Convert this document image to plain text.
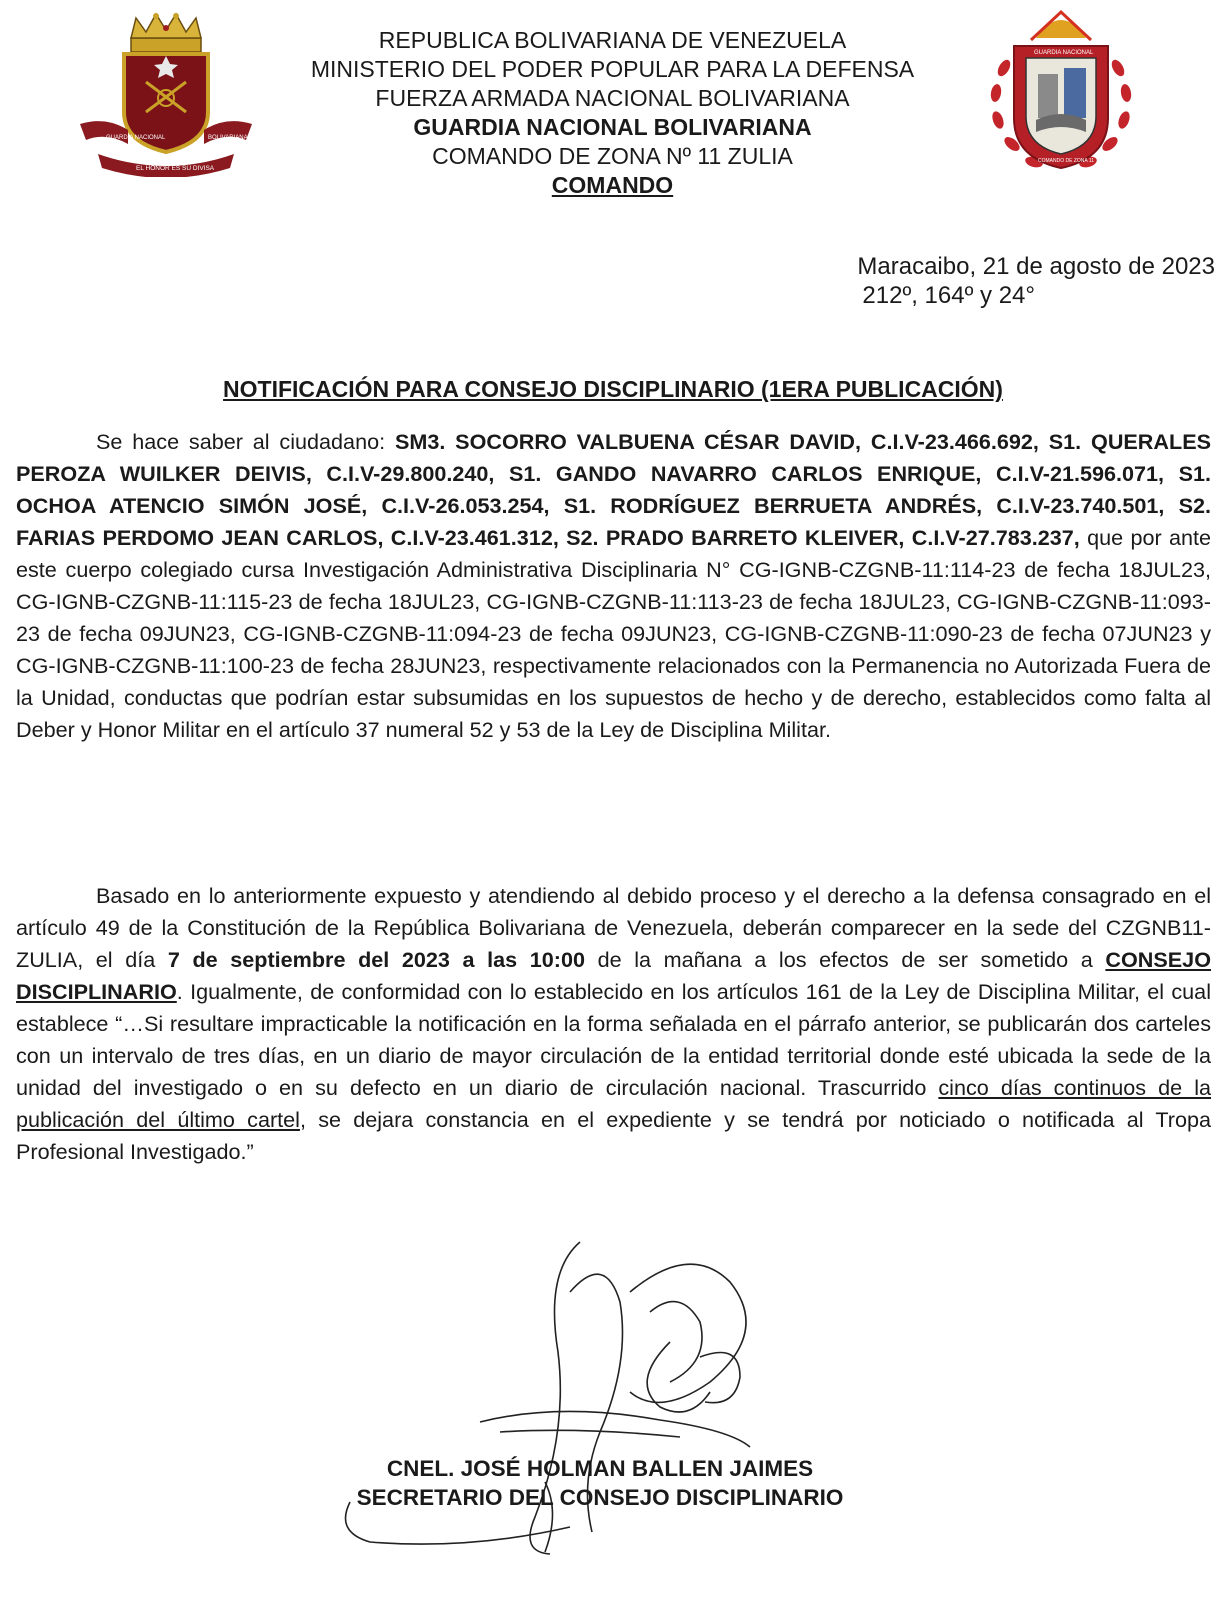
GUARDIA NACIONAL	BOLIVARIANA
EL HONOR ES SU DIVISA
REPUBLICA BOLIVARIANA DE VENEZUELA
MINISTERIO DEL PODER POPULAR PARA LA DEFENSA
FUERZA ARMADA NACIONAL BOLIVARIANA
GUARDIA NACIONAL BOLIVARIANA
COMANDO DE ZONA Nº 11 ZULIA
COMANDO
GUARDIA NACIONAL
COMANDO DE ZONA 11
Maracaibo, 21 de agosto de 2023
212º, 164º y 24°
NOTIFICACIÓN PARA CONSEJO DISCIPLINARIO (1ERA PUBLICACIÓN)

Se hace saber al ciudadano: SM3. SOCORRO VALBUENA CÉSAR DAVID, C.I.V-23.466.692, S1. QUERALES PEROZA WUILKER DEIVIS, C.I.V-29.800.240, S1. GANDO NAVARRO CARLOS ENRIQUE, C.I.V-21.596.071, S1. OCHOA ATENCIO SIMÓN JOSÉ, C.I.V-26.053.254, S1. RODRÍGUEZ BERRUETA ANDRÉS, C.I.V-23.740.501, S2. FARIAS PERDOMO JEAN CARLOS, C.I.V-23.461.312, S2. PRADO BARRETO KLEIVER, C.I.V-27.783.237, que por ante este cuerpo colegiado cursa Investigación Administrativa Disciplinaria N° CG-IGNB-CZGNB-11:114-23 de fecha 18JUL23, CG-IGNB-CZGNB-11:115-23 de fecha 18JUL23, CG-IGNB-CZGNB-11:113-23 de fecha 18JUL23, CG-IGNB-CZGNB-11:093-23 de fecha 09JUN23, CG-IGNB-CZGNB-11:094-23 de fecha 09JUN23, CG-IGNB-CZGNB-11:090-23 de fecha 07JUN23 y CG-IGNB-CZGNB-11:100-23 de fecha 28JUN23, respectivamente relacionados con la Permanencia no Autorizada Fuera de la Unidad, conductas que podrían estar subsumidas en los supuestos de hecho y de derecho, establecidos como falta al Deber y Honor Militar en el artículo 37 numeral 52 y 53 de la Ley de Disciplina Militar.

Basado en lo anteriormente expuesto y atendiendo al debido proceso y el derecho a la defensa consagrado en el artículo 49 de la Constitución de la República Bolivariana de Venezuela, deberán comparecer en la sede del CZGNB11-ZULIA, el día 7 de septiembre del 2023 a las 10:00 de la mañana a los efectos de ser sometido a CONSEJO DISCIPLINARIO. Igualmente, de conformidad con lo establecido en los artículos 161 de la Ley de Disciplina Militar, el cual establece “…Si resultare impracticable la notificación en la forma señalada en el párrafo anterior, se publicarán dos carteles con un intervalo de tres días, en un diario de mayor circulación de la entidad territorial donde esté ubicada la sede de la unidad del investigado o en su defecto en un diario de circulación nacional. Trascurrido cinco días continuos de la publicación del último cartel, se dejara constancia en el expediente y se tendrá por noticiado o notificada al Tropa Profesional Investigado.”

CNEL. JOSÉ HOLMAN BALLEN JAIMES
SECRETARIO DEL CONSEJO DISCIPLINARIO
